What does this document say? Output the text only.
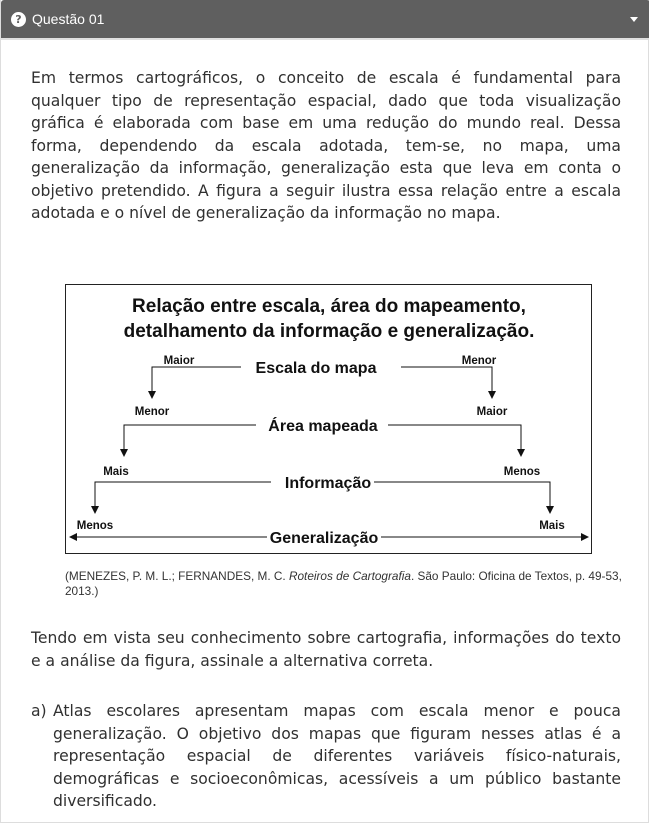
? Questão 01

Em termos cartográficos, o conceito de escala é fundamental para qualquer tipo de representação espacial, dado que toda visualização gráfica é elaborada com base em uma redução do mundo real. Dessa forma, dependendo da escala adotada, tem-se, no mapa, uma generalização da informação, generalização esta que leva em conta o objetivo pretendido. A figura a seguir ilustra essa relação entre a escala adotada e o nível de generalização da informação no mapa.

Relação entre escala, área do mapeamento,
detalhamento da informação e generalização.
Maior	Menor
Escala do mapa
Menor	Maior
Área mapeada
Mais	Menos
Informação
Menos	Mais
Generalização

(MENEZES, P. M. L.; FERNANDES, M. C. Roteiros de Cartografia. São Paulo: Oficina de Textos, p. 49-53, 2013.)

Tendo em vista seu conhecimento sobre cartografia, informações do texto e a análise da figura, assinale a alternativa correta.

a) Atlas escolares apresentam mapas com escala menor e pouca generalização. O objetivo dos mapas que figuram nesses atlas é a representação espacial de diferentes variáveis físico-naturais, demográficas e socioeconômicas, acessíveis a um público bastante diversificado.
